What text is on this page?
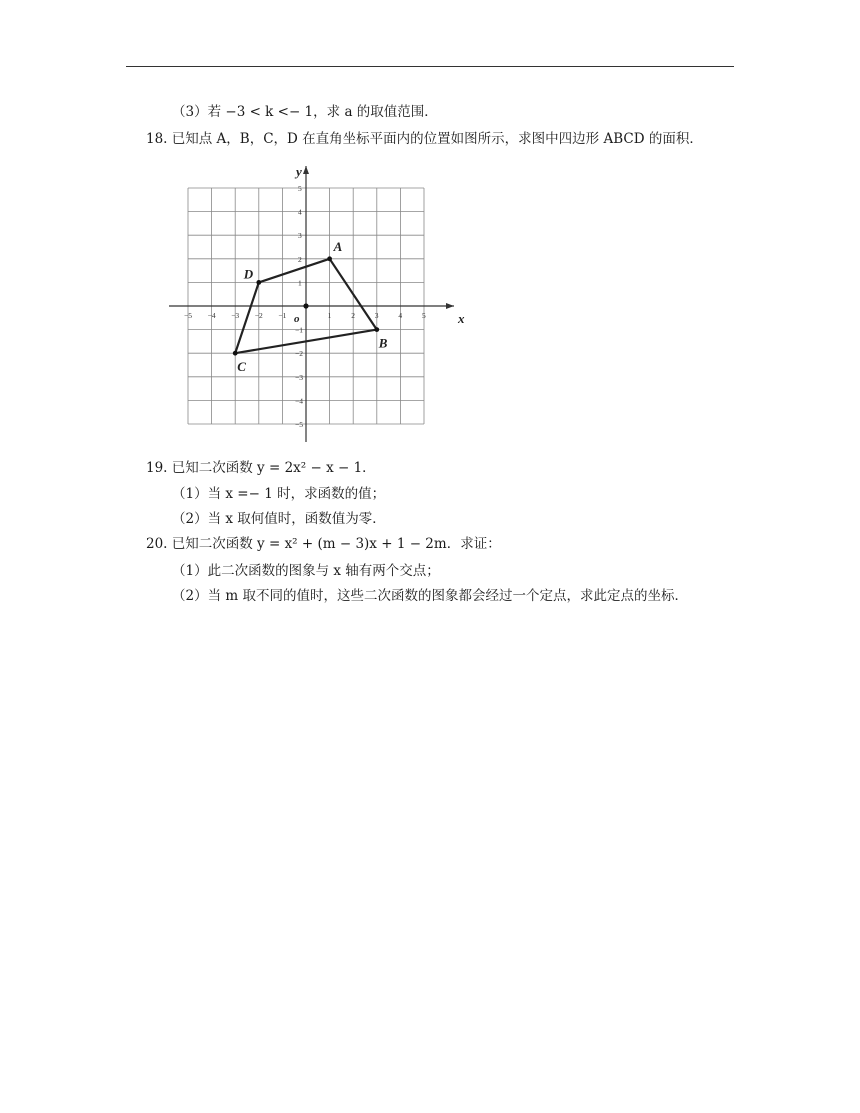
（3）若 −3 < k <− 1，求 a 的取值范围．
18. 已知点 A，B，C，D 在直角坐标平面内的位置如图所示，求图中四边形 ABCD 的面积．
−5 −4 −3 −2 −1	1	2	3	4	5
−5
−4
−3
−2
−1
1
2
3
4
5
x
y
o
A
B
C
D
19. 已知二次函数 y = 2x² − x − 1．
（1）当 x =− 1 时，求函数的值；
（2）当 x 取何值时，函数值为零．
20. 已知二次函数 y = x² + (m − 3)x + 1 − 2m．求证：
（1）此二次函数的图象与 x 轴有两个交点；
（2）当 m 取不同的值时，这些二次函数的图象都会经过一个定点，求此定点的坐标．
